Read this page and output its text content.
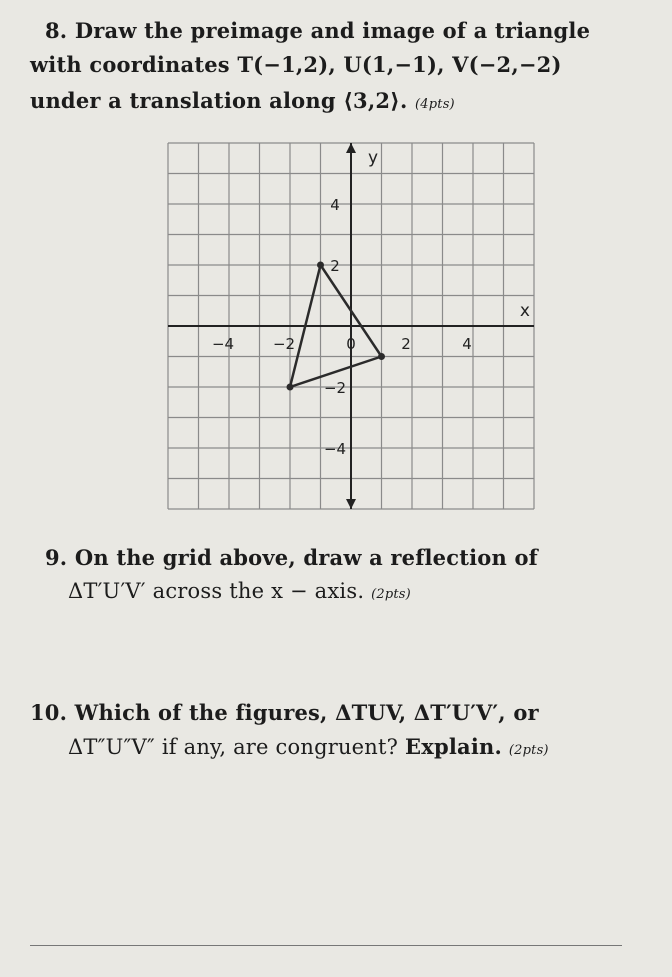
8. Draw the preimage and image of a triangle
with coordinates T(−1,2), U(1,−1), V(−2,−2)
under a translation along ⟨3,2⟩. (4pts)
−4	−2	0	2	4
4
2
−2
−4
y
x
9. On the grid above, draw a reflection of
ΔT′U′V′ across the x − axis. (2pts)
10. Which of the figures, ΔTUV, ΔT′U′V′, or
ΔT″U″V″ if any, are congruent? Explain. (2pts)
